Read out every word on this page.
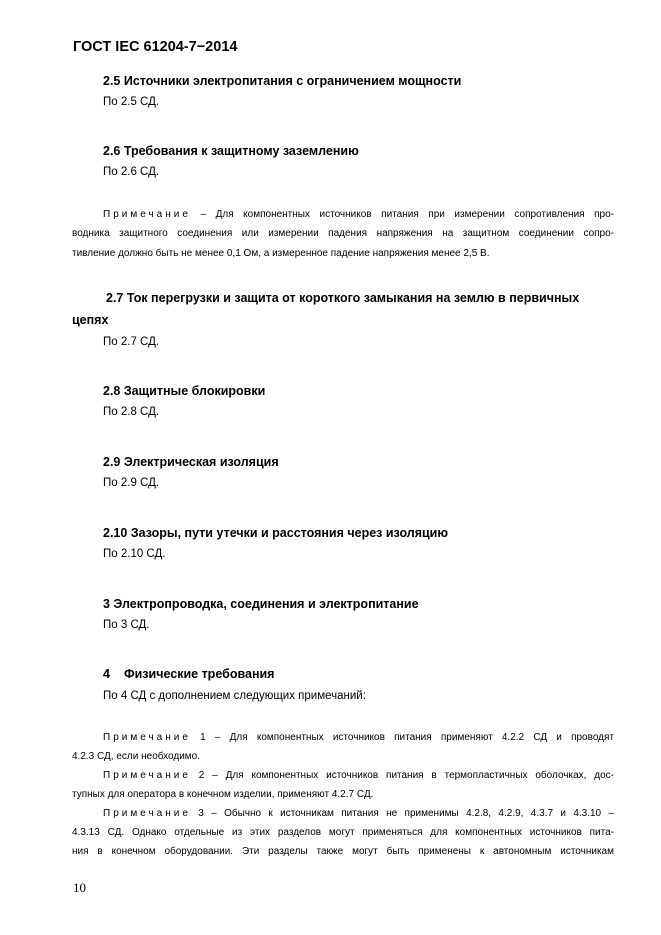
ГОСТ IEC 61204-7−2014
2.5 Источники электропитания с ограничением мощности
По 2.5 СД.
2.6 Требования к защитному заземлению
По 2.6 СД.
Примечание – Для компонентных источников питания при измерении сопротивления про-
водника защитного соединения или измерении падения напряжения на защитном соединении сопро-
тивление должно быть не менее 0,1 Ом, а измеренное падение напряжения менее 2,5 В.
2.7 Ток перегрузки и защита от короткого замыкания на землю в первичных
цепях
По 2.7 СД.
2.8 Защитные блокировки
По 2.8 СД.
2.9 Электрическая изоляция
По 2.9 СД.
2.10 Зазоры, пути утечки и расстояния через изоляцию
По 2.10 СД.
3 Электропроводка, соединения и электропитание
По 3 СД.
4 Физические требования
По 4 СД с дополнением следующих примечаний:
Примечание 1 – Для компонентных источников питания применяют 4.2.2 СД и проводят
4.2.3 СД, если необходимо.
Примечание 2 – Для компонентных источников питания в термопластичных оболочках, дос-
тупных для оператора в конечном изделии, применяют 4.2.7 СД.
Примечание 3 – Обычно к источникам питания не применимы 4.2.8, 4.2.9, 4.3.7 и 4.3.10 –
4.3.13 СД. Однако отдельные из этих разделов могут применяться для компонентных источников пита-
ния в конечном оборудовании. Эти разделы также могут быть применены к автономным источникам
10
